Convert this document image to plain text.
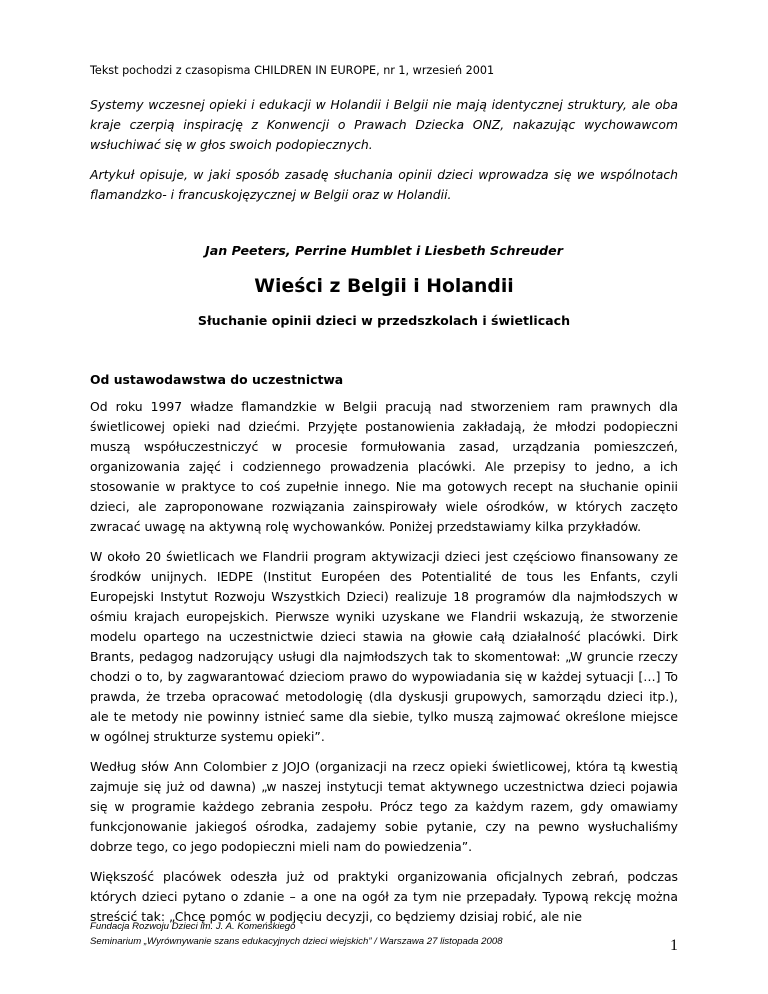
Tekst pochodzi z czasopisma CHILDREN IN EUROPE, nr 1, wrzesień 2001

Systemy wczesnej opieki i edukacji w Holandii i Belgii nie mają identycznej struktury, ale oba kraje czerpią inspirację z Konwencji o Prawach Dziecka ONZ, nakazując wychowawcom wsłuchiwać się w głos swoich podopiecznych.

Artykuł opisuje, w jaki sposób zasadę słuchania opinii dzieci wprowadza się we wspólnotach flamandzko- i francuskojęzycznej w Belgii oraz w Holandii.

Jan Peeters, Perrine Humblet i Liesbeth Schreuder

Wieści z Belgii i Holandii
Słuchanie opinii dzieci w przedszkolach i świetlicach
Od ustawodawstwa do uczestnictwa

Od roku 1997 władze flamandzkie w Belgii pracują nad stworzeniem ram prawnych dla świetlicowej opieki nad dziećmi. Przyjęte postanowienia zakładają, że młodzi podopieczni muszą współuczestniczyć w procesie formułowania zasad, urządzania pomieszczeń, organizowania zajęć i codziennego prowadzenia placówki. Ale przepisy to jedno, a ich stosowanie w praktyce to coś zupełnie innego. Nie ma gotowych recept na słuchanie opinii dzieci, ale zaproponowane rozwiązania zainspirowały wiele ośrodków, w których zaczęto zwracać uwagę na aktywną rolę wychowanków. Poniżej przedstawiamy kilka przykładów.

W około 20 świetlicach we Flandrii program aktywizacji dzieci jest częściowo finansowany ze środków unijnych. IEDPE (Institut Européen des Potentialité de tous les Enfants, czyli Europejski Instytut Rozwoju Wszystkich Dzieci) realizuje 18 programów dla najmłodszych w ośmiu krajach europejskich. Pierwsze wyniki uzyskane we Flandrii wskazują, że stworzenie modelu opartego na uczestnictwie dzieci stawia na głowie całą działalność placówki. Dirk Brants, pedagog nadzorujący usługi dla najmłodszych tak to skomentował: „W gruncie rzeczy chodzi o to, by zagwarantować dzieciom prawo do wypowiadania się w każdej sytuacji […] To prawda, że trzeba opracować metodologię (dla dyskusji grupowych, samorządu dzieci itp.), ale te metody nie powinny istnieć same dla siebie, tylko muszą zajmować określone miejsce w ogólnej strukturze systemu opieki”.

Według słów Ann Colombier z JOJO (organizacji na rzecz opieki świetlicowej, która tą kwestią zajmuje się już od dawna) „w naszej instytucji temat aktywnego uczestnictwa dzieci pojawia się w programie każdego zebrania zespołu. Prócz tego za każdym razem, gdy omawiamy funkcjonowanie jakiegoś ośrodka, zadajemy sobie pytanie, czy na pewno wysłuchaliśmy dobrze tego, co jego podopieczni mieli nam do powiedzenia”.

Większość placówek odeszła już od praktyki organizowania oficjalnych zebrań, podczas których dzieci pytano o zdanie – a one na ogół za tym nie przepadały. Typową rekcję można streścić tak: „Chcę pomóc w podjęciu decyzji, co będziemy dzisiaj robić, ale nie

Fundacja Rozwoju Dzieci im. J. A. Komeńskiego
Seminarium „Wyrównywanie szans edukacyjnych dzieci wiejskich” / Warszawa 27 listopada 2008	1
